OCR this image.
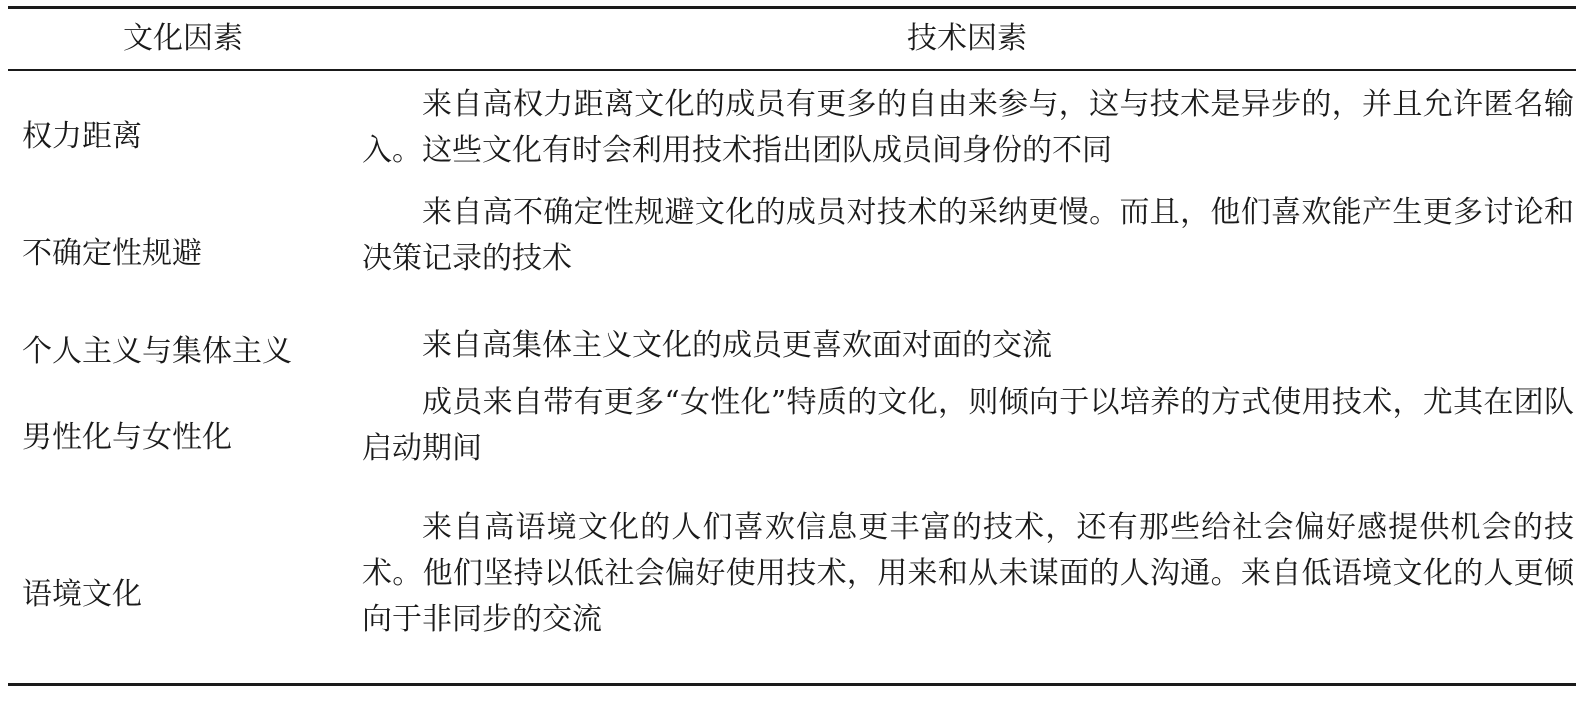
文化因素	技术因素
权力距离
来自高权力距离文化的成员有更多的自由来参与，这与技术是异步的，并且允许匿名输入。这些文化有时会利用技术指出团队成员间身份的不同
不确定性规避
来自高不确定性规避文化的成员对技术的采纳更慢。而且，他们喜欢能产生更多讨论和决策记录的技术
个人主义与集体主义	来自高集体主义文化的成员更喜欢面对面的交流
男性化与女性化
成员来自带有更多“女性化”特质的文化，则倾向于以培养的方式使用技术，尤其在团队启动期间
语境文化
来自高语境文化的人们喜欢信息更丰富的技术，还有那些给社会偏好感提供机会的技术。他们坚持以低社会偏好使用技术，用来和从未谋面的人沟通。来自低语境文化的人更倾向于非同步的交流
